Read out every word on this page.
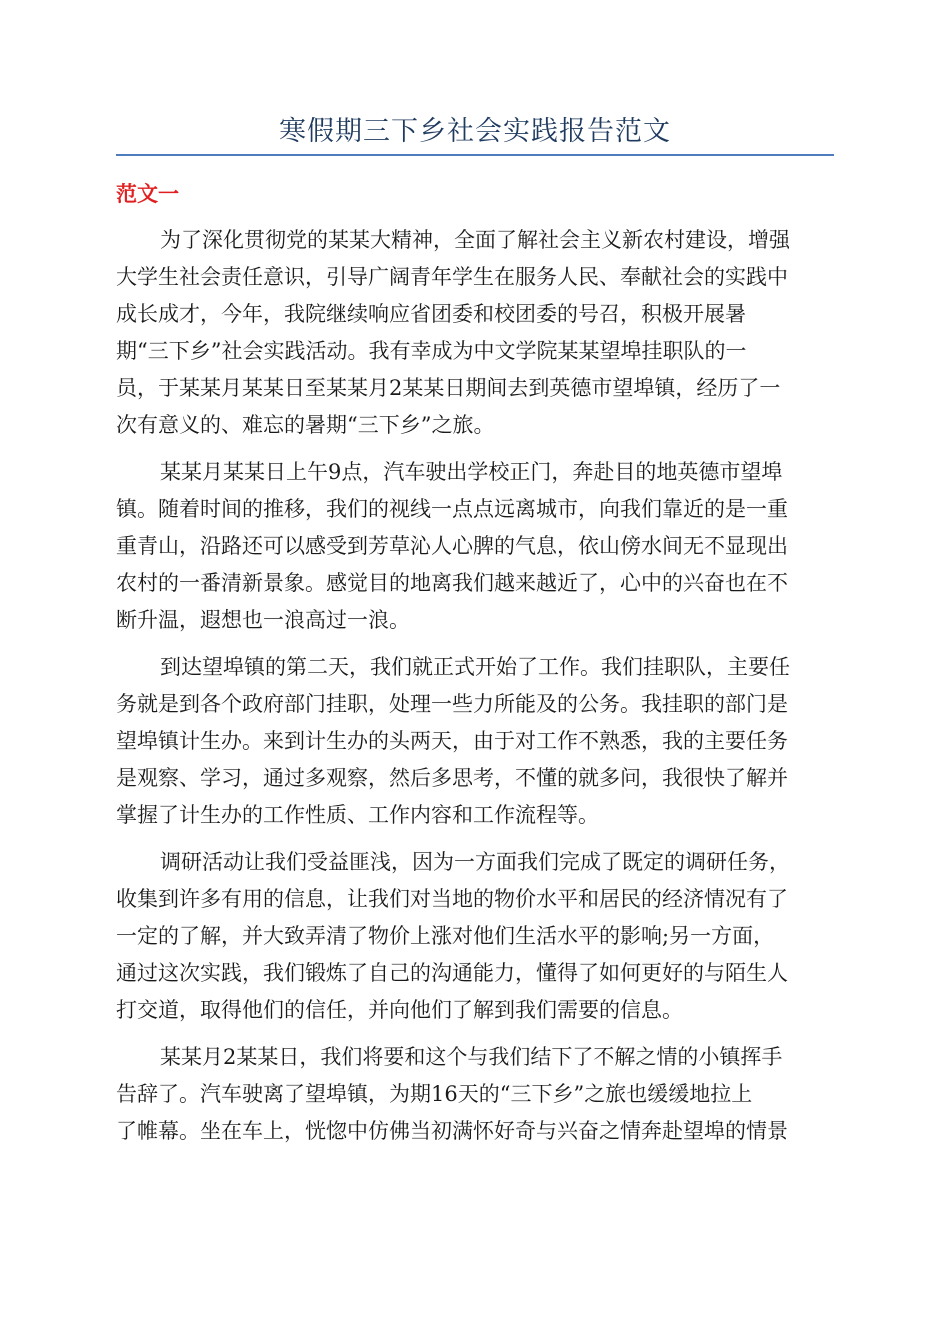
寒假期三下乡社会实践报告范文
范文一

为了深化贯彻党的某某大精神，全面了解社会主义新农村建设，增强
大学生社会责任意识，引导广阔青年学生在服务人民、奉献社会的实践中
成长成才，今年，我院继续响应省团委和校团委的号召，积极开展暑
期“三下乡”社会实践活动。我有幸成为中文学院某某望埠挂职队的一
员，于某某月某某日至某某月2某某日期间去到英德市望埠镇，经历了一
次有意义的、难忘的暑期“三下乡”之旅。

某某月某某日上午9点，汽车驶出学校正门，奔赴目的地英德市望埠
镇。随着时间的推移，我们的视线一点点远离城市，向我们靠近的是一重
重青山，沿路还可以感受到芳草沁人心脾的气息，依山傍水间无不显现出
农村的一番清新景象。感觉目的地离我们越来越近了，心中的兴奋也在不
断升温，遐想也一浪高过一浪。

到达望埠镇的第二天，我们就正式开始了工作。我们挂职队，主要任
务就是到各个政府部门挂职，处理一些力所能及的公务。我挂职的部门是
望埠镇计生办。来到计生办的头两天，由于对工作不熟悉，我的主要任务
是观察、学习，通过多观察，然后多思考，不懂的就多问，我很快了解并
掌握了计生办的工作性质、工作内容和工作流程等。

调研活动让我们受益匪浅，因为一方面我们完成了既定的调研任务，
收集到许多有用的信息，让我们对当地的物价水平和居民的经济情况有了
一定的了解，并大致弄清了物价上涨对他们生活水平的影响;另一方面，
通过这次实践，我们锻炼了自己的沟通能力，懂得了如何更好的与陌生人
打交道，取得他们的信任，并向他们了解到我们需要的信息。

某某月2某某日，我们将要和这个与我们结下了不解之情的小镇挥手
告辞了。汽车驶离了望埠镇，为期16天的“三下乡”之旅也缓缓地拉上
了帷幕。坐在车上，恍惚中仿佛当初满怀好奇与兴奋之情奔赴望埠的情景
